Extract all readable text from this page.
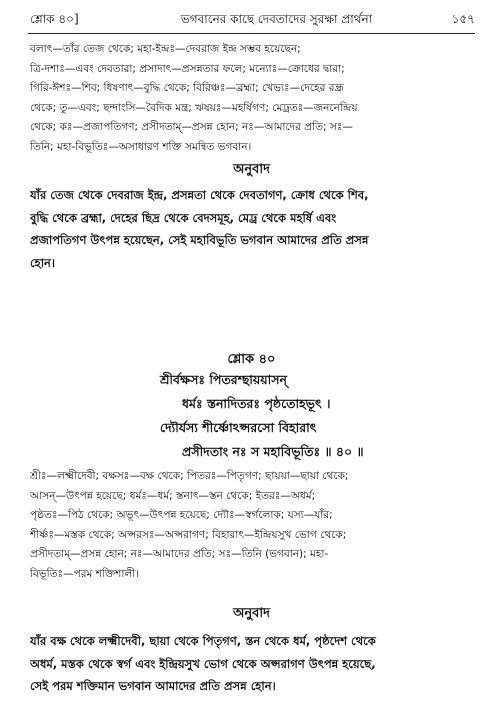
শ্লোক ৪০]	ভগবানের কাছে দেবতাদের সুরক্ষা প্রার্থনা	১৫৭
বলাৎ—তাঁর তেজ থেকে; মহা-ইন্দ্রঃ—দেবরাজ ইন্দ্র সম্ভব হয়েছেন;
ত্রি-দশাঃ—এবং দেবতারা; প্রসাদাৎ—প্রসন্নতার ফলে; মন্যোঃ—ক্রোধের দ্বারা;
গিরি-ঈশঃ—শিব; ধিষণাৎ—বুদ্ধি থেকে; বিরিঞ্চঃ—ব্রহ্মা; খেভ্যঃ—দেহের রন্ধ্র
থেকে; তু—এবং; ছন্দাংসি—বৈদিক মন্ত্র; ঋষয়ঃ—মহর্ষিগণ; মেঢ্রতঃ—জননেন্দ্রিয়
থেকে; কঃ—প্রজাপতিগণ; প্রসীদতাম্—প্রসন্ন হোন; নঃ—আমাদের প্রতি; সঃ—
তিনি; মহা-বিভূতিঃ—অসাধারণ শক্তি সমন্বিত ভগবান।
অনুবাদ
যাঁর তেজ থেকে দেবরাজ ইন্দ্র, প্রসন্নতা থেকে দেবতাগণ, ক্রোধ থেকে শিব,
বুদ্ধি থেকে ব্রহ্মা, দেহের ছিদ্র থেকে বেদসমূহ, মেঢ্র থেকে মহর্ষি এবং
প্রজাপতিগণ উৎপন্ন হয়েছেন, সেই মহাবিভূতি ভগবান আমাদের প্রতি প্রসন্ন
হোন।
শ্লোক ৪০
শ্রীর্বক্ষসঃ পিতরশ্ছায়য়াসন্
ধর্মঃ স্তনাদিতরঃ পৃষ্ঠতোহভূৎ ।
দ্যৌর্যস্য শীর্ষ্ণোঽপ্সরসো বিহারাৎ
প্রসীদতাং নঃ স মহাবিভূতিঃ ॥ ৪০ ॥
শ্রীঃ—লক্ষ্মীদেবী; বক্ষসঃ—বক্ষ থেকে; পিতরঃ—পিতৃগণ; ছায়য়া—ছায়া থেকে;
আসন্—উৎপন্ন হয়েছে; ধর্মঃ—ধর্ম; স্তনাৎ—স্তন থেকে; ইতরঃ—অধর্ম;
পৃষ্ঠতঃ—পিঠ থেকে; অভূৎ—উৎপন্ন হয়েছে; দ্যৌঃ—স্বর্গলোক; যস্য—যাঁর;
শীর্ষ্ণঃ—মস্তক থেকে; অপ্সরসঃ—অপ্সরাগণ; বিহারাৎ—ইন্দ্রিয়সুখ ভোগ থেকে;
প্রসীদতাম্—প্রসন্ন হোন; নঃ—আমাদের প্রতি; সঃ—তিনি (ভগবান); মহা-
বিভূতিঃ—পরম শক্তিশালী।
অনুবাদ
যাঁর বক্ষ থেকে লক্ষ্মীদেবী, ছায়া থেকে পিতৃগণ, স্তন থেকে ধর্ম, পৃষ্ঠদেশ থেকে
অধর্ম, মস্তক থেকে স্বর্গ এবং ইন্দ্রিয়সুখ ভোগ থেকে অপ্সরাগণ উৎপন্ন হয়েছে,
সেই পরম শক্তিমান ভগবান আমাদের প্রতি প্রসন্ন হোন।
